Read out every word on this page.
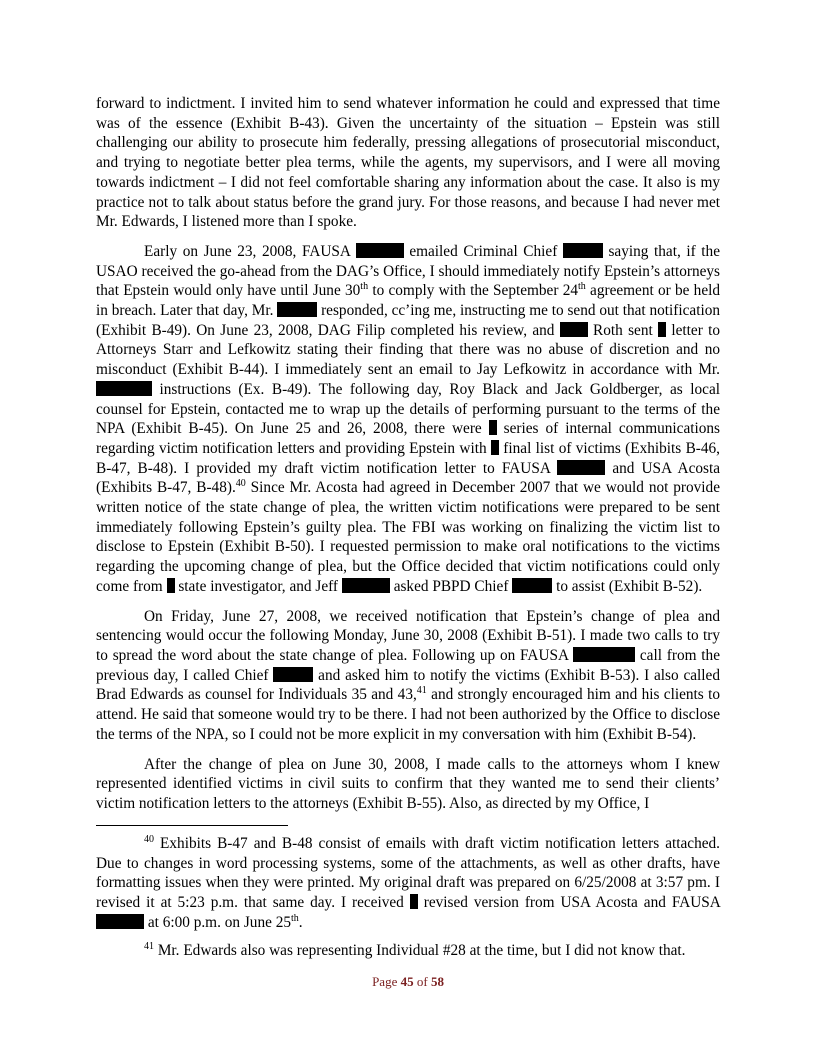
forward to indictment. I invited him to send whatever information he could and expressed that time was of the essence (Exhibit B-43). Given the uncertainty of the situation – Epstein was still challenging our ability to prosecute him federally, pressing allegations of prosecutorial misconduct, and trying to negotiate better plea terms, while the agents, my supervisors, and I were all moving towards indictment – I did not feel comfortable sharing any information about the case. It also is my practice not to talk about status before the grand jury. For those reasons, and because I had never met Mr. Edwards, I listened more than I spoke.

Early on June 23, 2008, FAUSA	emailed Criminal Chief	saying that, if the USAO received the go-ahead from the DAG’s Office, I should immediately notify Epstein’s attorneys that Epstein would only have until June 30th to comply with the September 24th agreement or be held in breach. Later that day, Mr.	responded, cc’ing me, instructing me to send out that notification (Exhibit B-49). On June 23, 2008, DAG Filip completed his review, and	Roth sent letter to Attorneys Starr and Lefkowitz stating their finding that there was no abuse of discretion and no misconduct (Exhibit B-44). I immediately sent an email to Jay Lefkowitz in accordance with Mr.  instructions (Ex. B-49). The following day, Roy Black and Jack Goldberger, as local counsel for Epstein, contacted me to wrap up the details of performing pursuant to the terms of the NPA (Exhibit B-45). On June 25 and 26, 2008, there were series of internal communications regarding victim notification letters and providing Epstein with final list of victims (Exhibits B-46, B-47, B-48). I provided my draft victim notification letter to FAUSA	and USA Acosta (Exhibits B-47, B-48).$^{40}$ Since Mr. Acosta had agreed in December 2007 that we would not provide written notice of the state change of plea, the written victim notifications were prepared to be sent immediately following Epstein’s guilty plea. The FBI was working on finalizing the victim list to disclose to Epstein (Exhibit B-50). I requested permission to make oral notifications to the victims regarding the upcoming change of plea, but the Office decided that victim notifications could only come from state investigator, and Jeff	asked PBPD Chief	to assist (Exhibit B-52).

On Friday, June 27, 2008, we received notification that Epstein’s change of plea and sentencing would occur the following Monday, June 30, 2008 (Exhibit B-51). I made two calls to try to spread the word about the state change of plea. Following up on FAUSA	call from the previous day, I called Chief	and asked him to notify the victims (Exhibit B-53). I also called Brad Edwards as counsel for Individuals 35 and 43,41 and strongly encouraged him and his clients to attend. He said that someone would try to be there. I had not been authorized by the Office to disclose the terms of the NPA, so I could not be more explicit in my conversation with him (Exhibit B-54).

After the change of plea on June 30, 2008, I made calls to the attorneys whom I knew represented identified victims in civil suits to confirm that they wanted me to send their clients’ victim notification letters to the attorneys (Exhibit B-55). Also, as directed by my Office, I

$^{40}$ Exhibits B-47 and B-48 consist of emails with draft victim notification letters attached. Due to changes in word processing systems, some of the attachments, as well as other drafts, have formatting issues when they were printed. My original draft was prepared on 6/25/2008 at 3:57 pm. I revised it at 5:23 p.m. that same day. I received revised version from USA Acosta and FAUSA  at 6:00 p.m. on June 25th.

$^{41}$ Mr. Edwards also was representing Individual #28 at the time, but I did not know that.

Page 45 of 58
